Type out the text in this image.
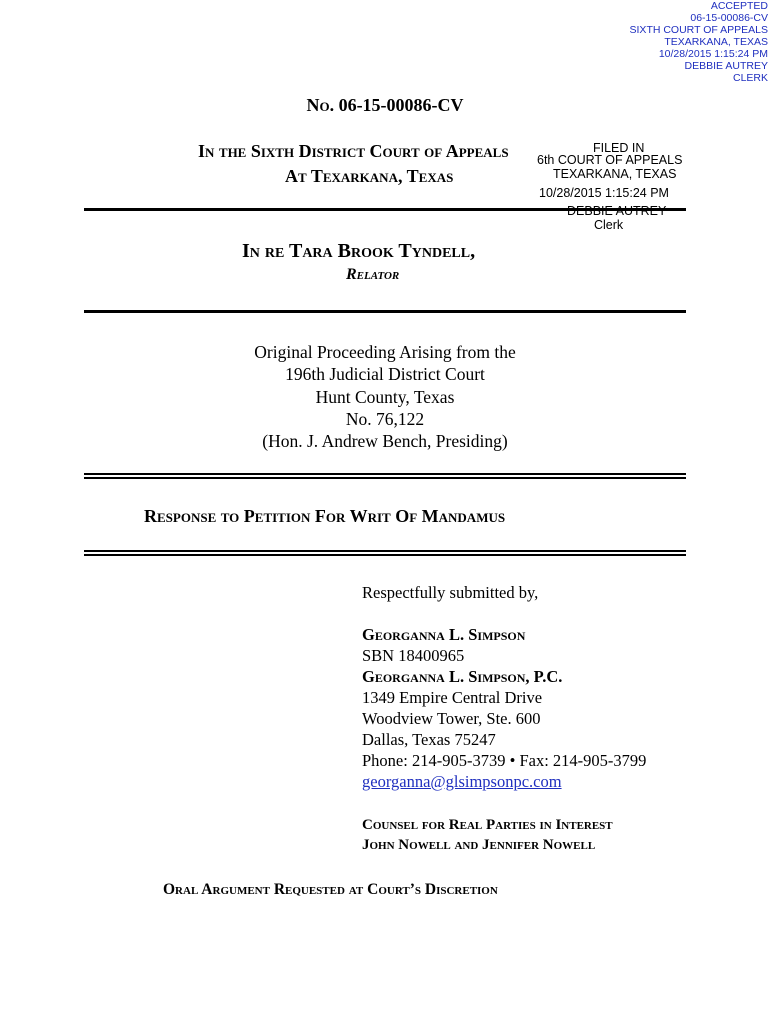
ACCEPTED
06-15-00086-CV
SIXTH COURT OF APPEALS
TEXARKANA, TEXAS
10/28/2015 1:15:24 PM
DEBBIE AUTREY
CLERK
No. 06-15-00086-CV
In the Sixth District Court of Appeals
At Texarkana, Texas
FILED IN
6th COURT OF APPEALS
TEXARKANA, TEXAS
10/28/2015 1:15:24 PM
DEBBIE AUTREY
Clerk
In re Tara Brook Tyndell,
Relator
Original Proceeding Arising from the
196th Judicial District Court
Hunt County, Texas
No. 76,122
(Hon. J. Andrew Bench, Presiding)
Response to Petition For Writ Of Mandamus
Respectfully submitted by,
Georganna L. Simpson
SBN 18400965
Georganna L. Simpson, P.C.
1349 Empire Central Drive
Woodview Tower, Ste. 600
Dallas, Texas 75247
Phone: 214-905-3739 • Fax: 214-905-3799
georganna@glsimpsonpc.com
Counsel for Real Parties in Interest
John Nowell and Jennifer Nowell
Oral Argument Requested at Court’s Discretion
